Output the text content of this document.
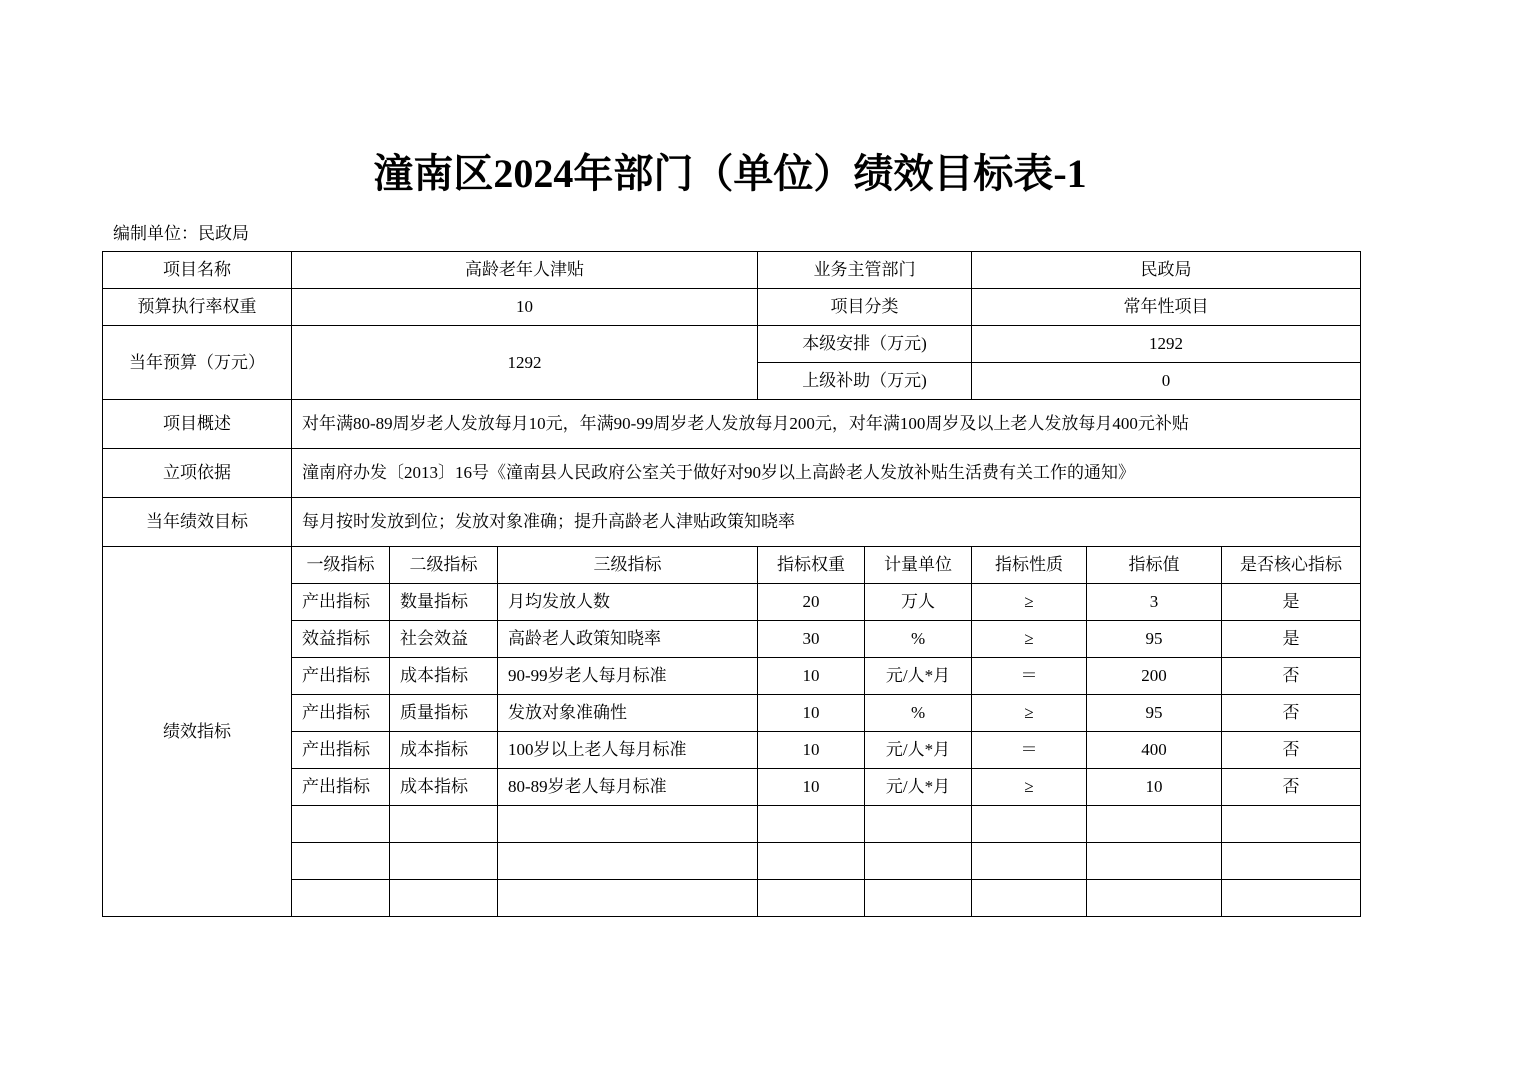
潼南区2024年部门（单位）绩效目标表-1
编制单位：民政局
项目名称	高龄老年人津贴			业务主管部门		民政局		
预算执行率权重	10			项目分类		常年性项目		
当年预算（万元）	1292			本级安排（万元)		1292		
				上级补助（万元)		0		
项目概述	对年满80-89周岁老人发放每月10元，年满90-99周岁老人发放每月200元，对年满100周岁及以上老人发放每月400元补贴							
立项依据	潼南府办发〔2013〕16号《潼南县人民政府公室关于做好对90岁以上高龄老人发放补贴生活费有关工作的通知》							
当年绩效目标	每月按时发放到位；发放对象准确；提升高龄老人津贴政策知晓率							
绩效指标	一级指标	二级指标	三级指标	指标权重	计量单位	指标性质	指标值	是否核心指标
	产出指标	数量指标	月均发放人数	20	万人	≥	3	是
	效益指标	社会效益	高龄老人政策知晓率	30	%	≥	95	是
	产出指标	成本指标	90-99岁老人每月标准	10	元/人*月	＝	200	否
	产出指标	质量指标	发放对象准确性	10	%	≥	95	否
	产出指标	成本指标	100岁以上老人每月标准	10	元/人*月	＝	400	否
	产出指标	成本指标	80-89岁老人每月标准	10	元/人*月	≥	10	否
